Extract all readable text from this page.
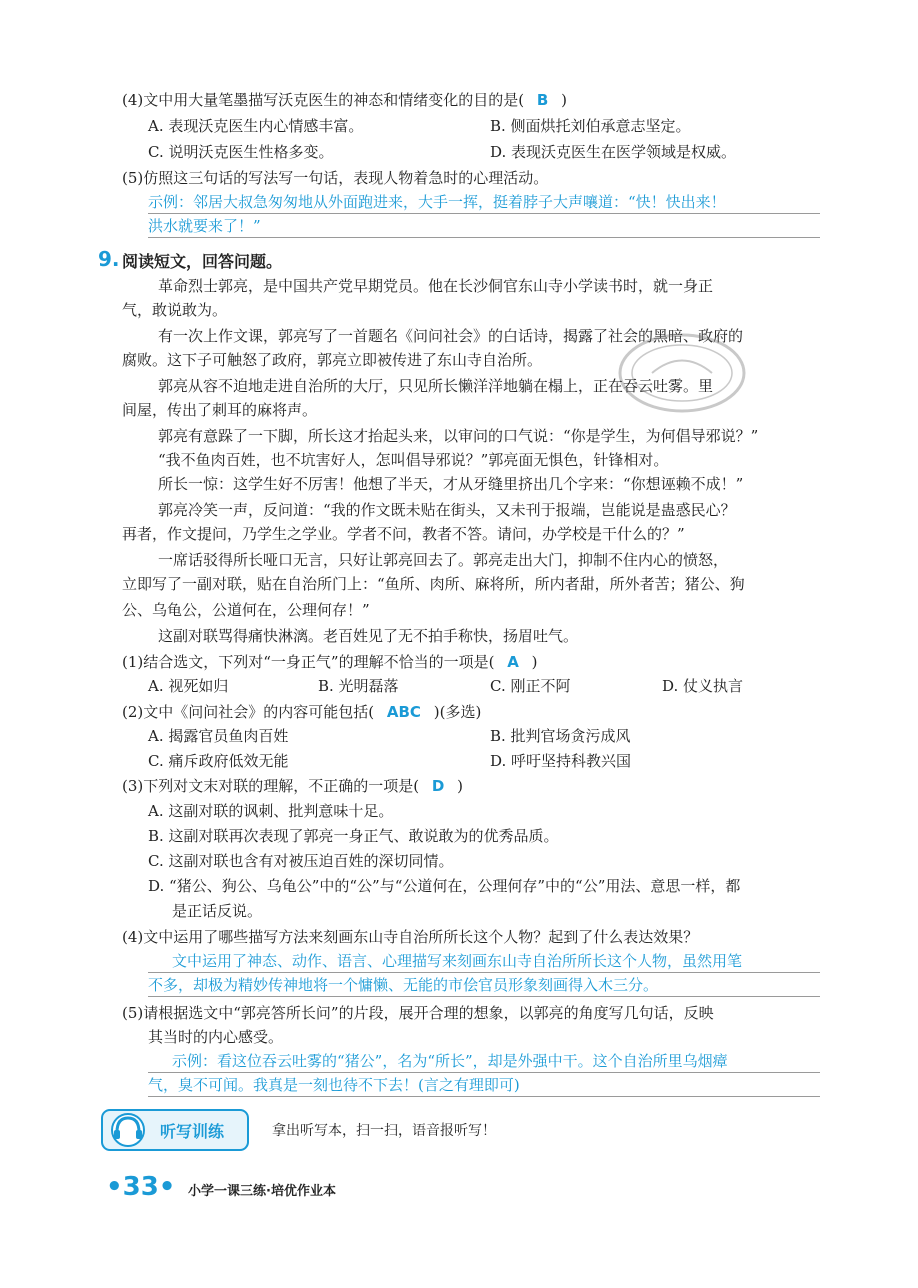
(4)文中用大量笔墨描写沃克医生的神态和情绪变化的目的是( B )
A. 表现沃克医生内心情感丰富。	B. 侧面烘托刘伯承意志坚定。
C. 说明沃克医生性格多变。	D. 表现沃克医生在医学领域是权威。
(5)仿照这三句话的写法写一句话，表现人物着急时的心理活动。
示例：邻居大叔急匆匆地从外面跑进来，大手一挥，挺着脖子大声嚷道：“快！快出来！
洪水就要来了！”
9. 阅读短文，回答问题。
革命烈士郭亮，是中国共产党早期党员。他在长沙侗官东山寺小学读书时，就一身正
气，敢说敢为。
有一次上作文课，郭亮写了一首题名《问问社会》的白话诗，揭露了社会的黑暗、政府的
腐败。这下子可触怒了政府，郭亮立即被传进了东山寺自治所。
郭亮从容不迫地走进自治所的大厅，只见所长懒洋洋地躺在榻上，正在吞云吐雾。里
间屋，传出了刺耳的麻将声。
郭亮有意跺了一下脚，所长这才抬起头来，以审问的口气说：“你是学生，为何倡导邪说？”
“我不鱼肉百姓，也不坑害好人，怎叫倡导邪说？”郭亮面无惧色，针锋相对。
所长一惊：这学生好不厉害！他想了半天，才从牙缝里挤出几个字来：“你想诬赖不成！”
郭亮冷笑一声，反问道：“我的作文既未贴在街头，又未刊于报端，岂能说是蛊惑民心？
再者，作文提问，乃学生之学业。学者不问，教者不答。请问，办学校是干什么的？”
一席话驳得所长哑口无言，只好让郭亮回去了。郭亮走出大门，抑制不住内心的愤怒，
立即写了一副对联，贴在自治所门上：“鱼所、肉所、麻将所，所内者甜，所外者苦；猪公、狗
公、乌龟公，公道何在，公理何存！”
这副对联骂得痛快淋漓。老百姓见了无不拍手称快，扬眉吐气。
(1)结合选文，下列对“一身正气”的理解不恰当的一项是( A )
A. 视死如归	B. 光明磊落	C. 刚正不阿	D. 仗义执言
(2)文中《问问社会》的内容可能包括( ABC )(多选)
A. 揭露官员鱼肉百姓	B. 批判官场贪污成风
C. 痛斥政府低效无能	D. 呼吁坚持科教兴国
(3)下列对文末对联的理解，不正确的一项是( D )
A. 这副对联的讽刺、批判意味十足。
B. 这副对联再次表现了郭亮一身正气、敢说敢为的优秀品质。
C. 这副对联也含有对被压迫百姓的深切同情。
D. “猪公、狗公、乌龟公”中的“公”与“公道何在，公理何存”中的“公”用法、意思一样，都
是正话反说。
(4)文中运用了哪些描写方法来刻画东山寺自治所所长这个人物？起到了什么表达效果？
文中运用了神态、动作、语言、心理描写来刻画东山寺自治所所长这个人物，虽然用笔
不多，却极为精妙传神地将一个慵懒、无能的市侩官员形象刻画得入木三分。
(5)请根据选文中“郭亮答所长问”的片段，展开合理的想象，以郭亮的角度写几句话，反映
其当时的内心感受。
示例：看这位吞云吐雾的“猪公”，名为“所长”，却是外强中干。这个自治所里乌烟瘴
气，臭不可闻。我真是一刻也待不下去！(言之有理即可)
听写训练	拿出听写本，扫一扫，语音报听写！
•33• 小学一课三练·培优作业本
